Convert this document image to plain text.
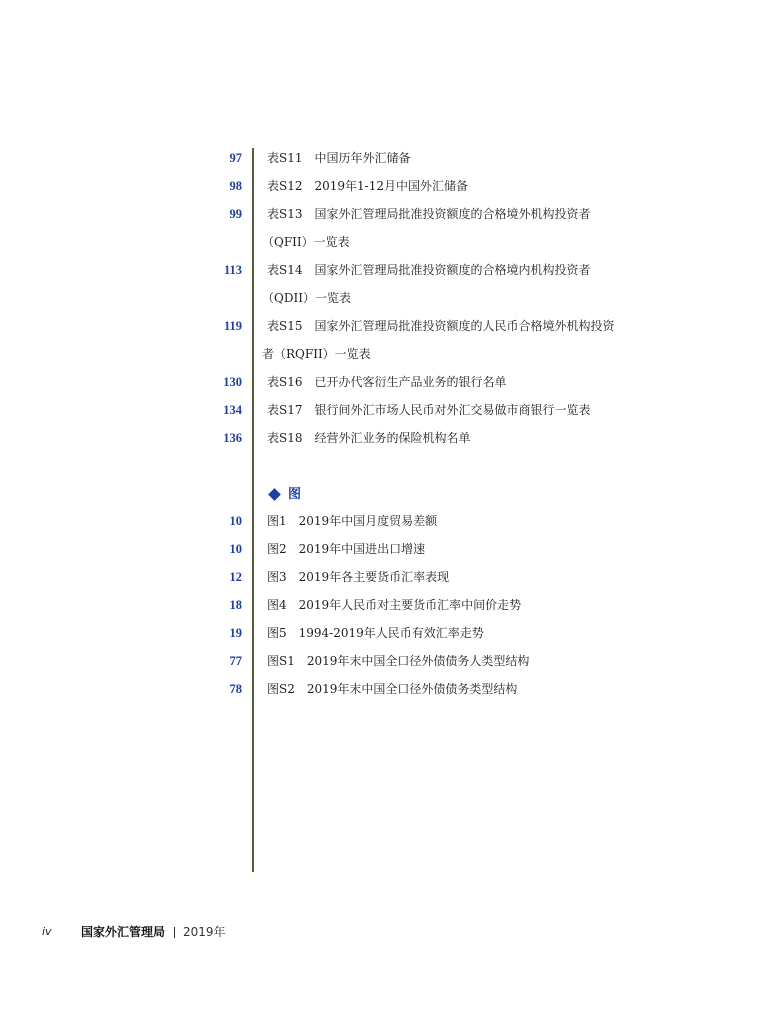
97 表S11 中国历年外汇储备
98 表S12 2019年1-12月中国外汇储备
99 表S13 国家外汇管理局批准投资额度的合格境外机构投资者
（QFII）一览表
113 表S14 国家外汇管理局批准投资额度的合格境内机构投资者
（QDII）一览表
119 表S15 国家外汇管理局批准投资额度的人民币合格境外机构投资
者（RQFII）一览表
130 表S16 已开办代客衍生产品业务的银行名单
134 表S17 银行间外汇市场人民币对外汇交易做市商银行一览表
136 表S18 经营外汇业务的保险机构名单
图
10 图1 2019年中国月度贸易差额
10 图2 2019年中国进出口增速
12 图3 2019年各主要货币汇率表现
18 图4 2019年人民币对主要货币汇率中间价走势
19 图5 1994-2019年人民币有效汇率走势
77 图S1 2019年末中国全口径外债债务人类型结构
78 图S2 2019年末中国全口径外债债务类型结构
iv 国家外汇管理局 2019年
